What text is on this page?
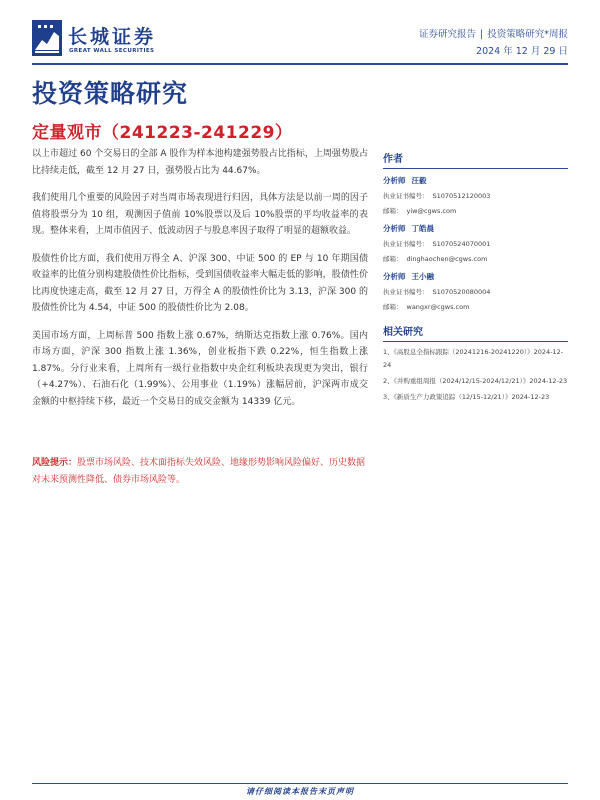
长城证券
GREAT WALL SECURITIES
证券研究报告 | 投资策略研究*周报
2024 年 12 月 29 日
投资策略研究
定量观市（241223-241229）

以上市超过 60 个交易日的全部 A 股作为样本池构建强势股占比指标，上周强势股占比持续走低，截至 12 月 27 日，强势股占比为 44.67%。

我们使用几个重要的风险因子对当周市场表现进行归因，具体方法是以前一周的因子值将股票分为 10 组，观测因子值前 10%股票以及后 10%股票的平均收益率的表现。整体来看，上周市值因子、低波动因子与股息率因子取得了明显的超额收益。

股债性价比方面，我们使用万得全 A、沪深 300、中证 500 的 EP 与 10 年期国债收益率的比值分别构建股债性价比指标，受到国债收益率大幅走低的影响，股债性价比再度快速走高，截至 12 月 27 日，万得全 A 的股债性价比为 3.13，沪深 300 的股债性价比为 4.54，中证 500 的股债性价比为 2.08。

美国市场方面，上周标普 500 指数上涨 0.67%，纳斯达克指数上涨 0.76%。国内市场方面，沪深 300 指数上涨 1.36%，创业板指下跌 0.22%，恒生指数上涨 1.87%。分行业来看，上周所有一级行业指数中央企红利板块表现更为突出，银行（+4.27%）、石油石化（1.99%）、公用事业（1.19%）涨幅居前，沪深两市成交金额的中枢持续下移，最近一个交易日的成交金额为 14339 亿元。

风险提示：股票市场风险、技术面指标失效风险、地缘形势影响风险偏好、历史数据对未来预测性降低、债券市场风险等。
作者
分析师 汪毅
执业证书编号： S1070512120003
邮箱： yiw@cgws.com
分析师 丁皓晨
执业证书编号： S1070524070001
邮箱： dinghaochen@cgws.com
分析师 王小融
执业证书编号： S1070520080004
邮箱： wangxr@cgws.com
相关研究
1、《高股息全指标跟踪（20241216-20241220）》2024-12-24
2、《并购重组周报（2024/12/15-2024/12/21）》2024-12-23
3、《新质生产力政策追踪（12/15-12/21）》2024-12-23
请仔细阅读本报告末页声明
